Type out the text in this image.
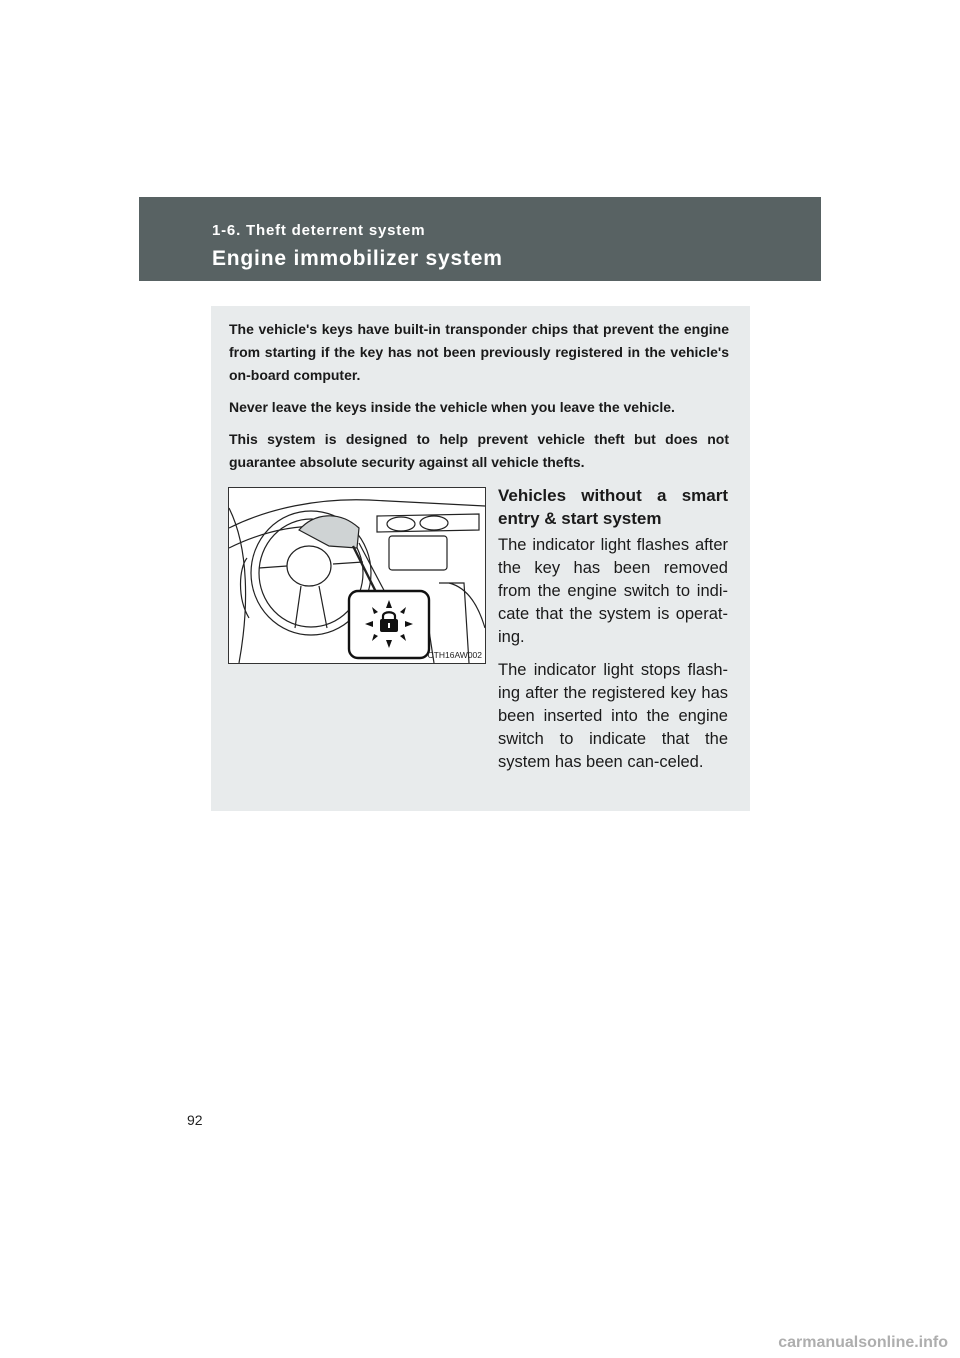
1-6. Theft deterrent system
Engine immobilizer system

The vehicle's keys have built-in transponder chips that prevent the engine from starting if the key has not been previously registered in the vehicle's on-board computer.

Never leave the keys inside the vehicle when you leave the vehicle.

This system is designed to help prevent vehicle theft but does not guarantee absolute security against all vehicle thefts.

CTH16AW002
Vehicles without a smart entry & start system

The indicator light flashes after the key has been removed from the engine switch to indi-cate that the system is operat-ing.

The indicator light stops flash-ing after the registered key has been inserted into the engine switch to indicate that the system has been can-celed.

92
carmanualsonline.info
